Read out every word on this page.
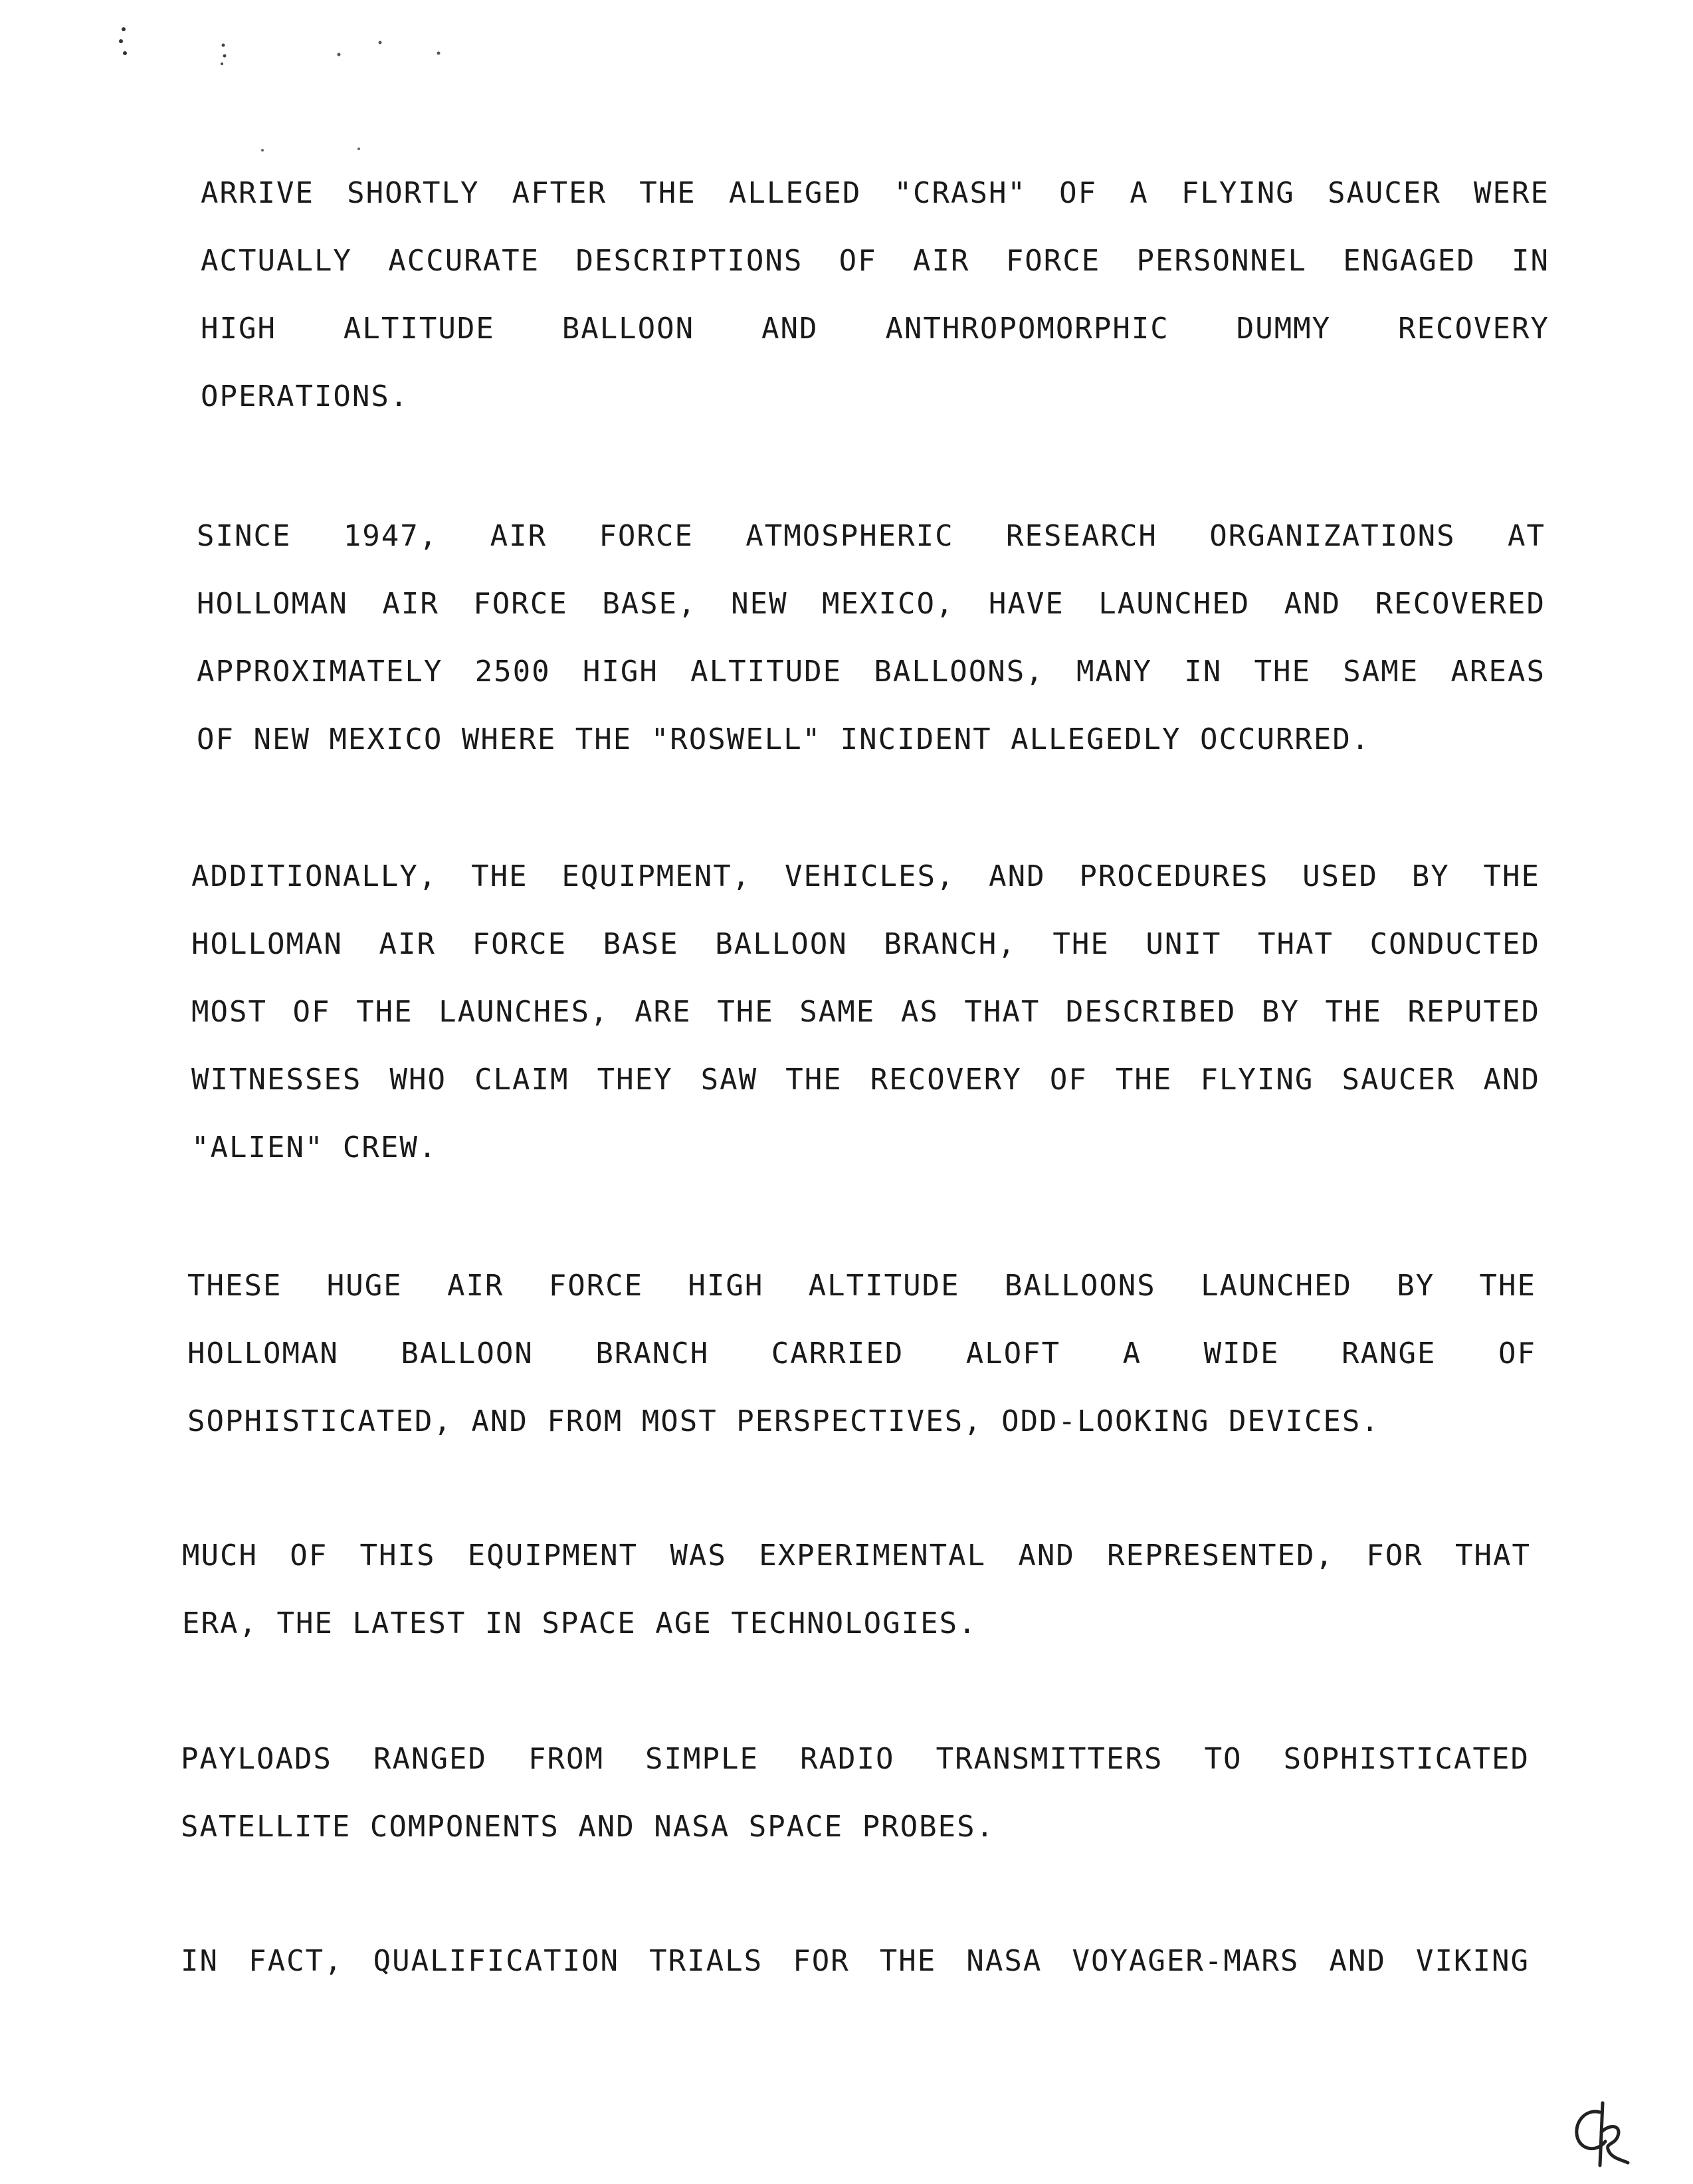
ARRIVE SHORTLY AFTER THE ALLEGED "CRASH" OF A FLYING SAUCER WERE
ACTUALLY ACCURATE DESCRIPTIONS OF AIR FORCE PERSONNEL ENGAGED IN
HIGH ALTITUDE BALLOON AND ANTHROPOMORPHIC DUMMY RECOVERY
OPERATIONS.
SINCE 1947, AIR FORCE ATMOSPHERIC RESEARCH ORGANIZATIONS AT
HOLLOMAN AIR FORCE BASE, NEW MEXICO, HAVE LAUNCHED AND RECOVERED
APPROXIMATELY 2500 HIGH ALTITUDE BALLOONS, MANY IN THE SAME AREAS
OF NEW MEXICO WHERE THE "ROSWELL" INCIDENT ALLEGEDLY OCCURRED.
ADDITIONALLY, THE EQUIPMENT, VEHICLES, AND PROCEDURES USED BY THE
HOLLOMAN AIR FORCE BASE BALLOON BRANCH, THE UNIT THAT CONDUCTED
MOST OF THE LAUNCHES, ARE THE SAME AS THAT DESCRIBED BY THE REPUTED
WITNESSES WHO CLAIM THEY SAW THE RECOVERY OF THE FLYING SAUCER AND
"ALIEN" CREW.
THESE HUGE AIR FORCE HIGH ALTITUDE BALLOONS LAUNCHED BY THE
HOLLOMAN BALLOON BRANCH CARRIED ALOFT A WIDE RANGE OF
SOPHISTICATED, AND FROM MOST PERSPECTIVES, ODD-LOOKING DEVICES.
MUCH OF THIS EQUIPMENT WAS EXPERIMENTAL AND REPRESENTED, FOR THAT
ERA, THE LATEST IN SPACE AGE TECHNOLOGIES.
PAYLOADS RANGED FROM SIMPLE RADIO TRANSMITTERS TO SOPHISTICATED
SATELLITE COMPONENTS AND NASA SPACE PROBES.
IN FACT, QUALIFICATION TRIALS FOR THE NASA VOYAGER-MARS AND VIKING
